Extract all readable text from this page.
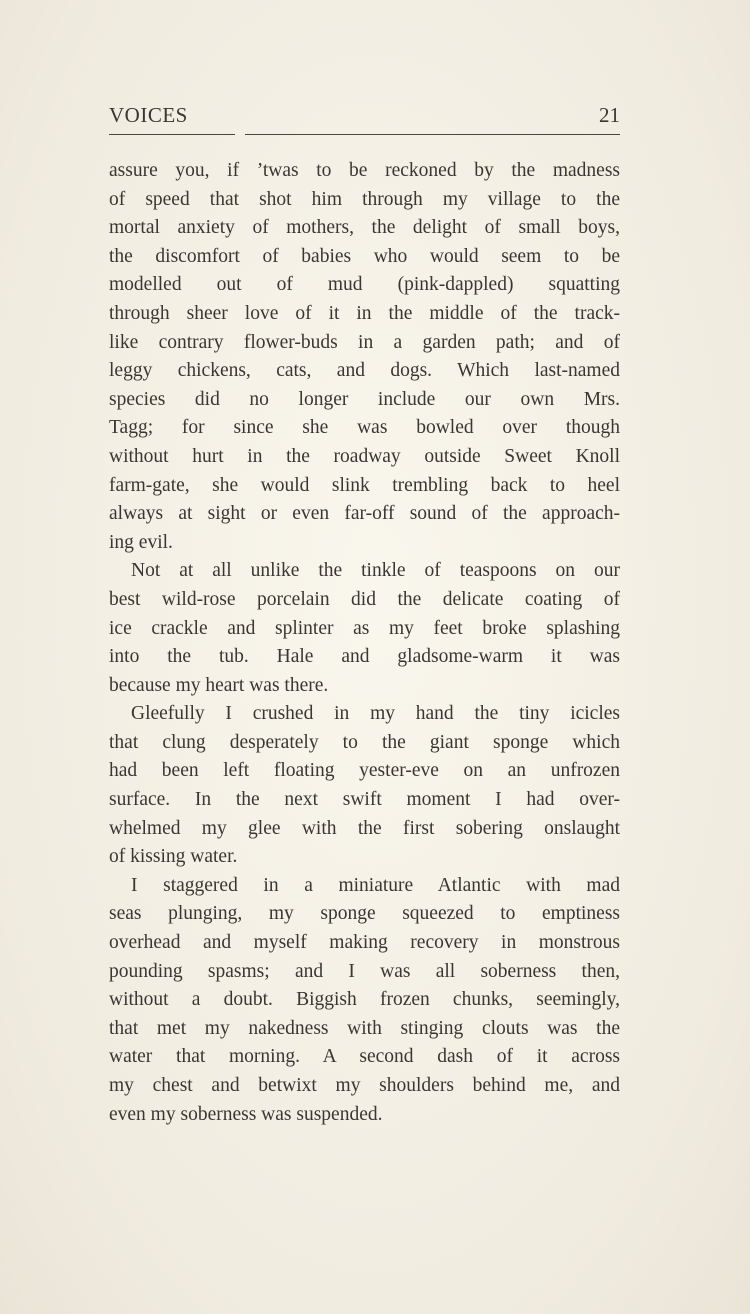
VOICES	21
assure you, if ’twas to be reckoned by the madness
of speed that shot him through my village to the
mortal anxiety of mothers, the delight of small boys,
the discomfort of babies who would seem to be
modelled out of mud (pink-dappled) squatting
through sheer love of it in the middle of the track-
like contrary flower-buds in a garden path; and of
leggy chickens, cats, and dogs. Which last-named
species did no longer include our own Mrs.
Tagg; for since she was bowled over though
without hurt in the roadway outside Sweet Knoll
farm-gate, she would slink trembling back to heel
always at sight or even far-off sound of the approach-
ing evil.
Not at all unlike the tinkle of teaspoons on our
best wild-rose porcelain did the delicate coating of
ice crackle and splinter as my feet broke splashing
into the tub. Hale and gladsome-warm it was
because my heart was there.
Gleefully I crushed in my hand the tiny icicles
that clung desperately to the giant sponge which
had been left floating yester-eve on an unfrozen
surface. In the next swift moment I had over-
whelmed my glee with the first sobering onslaught
of kissing water.
I staggered in a miniature Atlantic with mad
seas plunging, my sponge squeezed to emptiness
overhead and myself making recovery in monstrous
pounding spasms; and I was all soberness then,
without a doubt. Biggish frozen chunks, seemingly,
that met my nakedness with stinging clouts was the
water that morning. A second dash of it across
my chest and betwixt my shoulders behind me, and
even my soberness was suspended.
